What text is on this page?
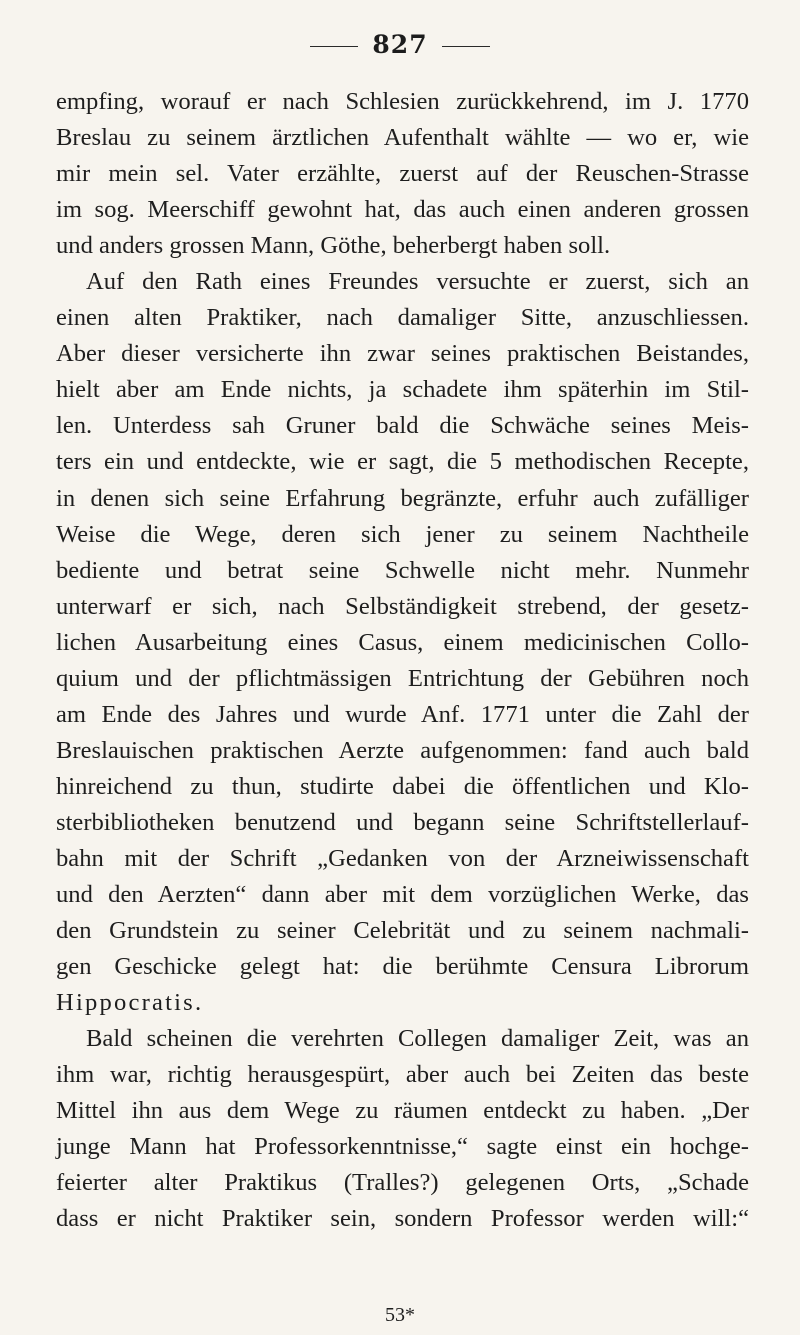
827
empfing, worauf er nach Schlesien zurückkehrend, im J. 1770
Breslau zu seinem ärztlichen Aufenthalt wählte — wo er, wie
mir mein sel. Vater erzählte, zuerst auf der Reuschen-Strasse
im sog. Meerschiff gewohnt hat, das auch einen anderen grossen
und anders grossen Mann, Göthe, beherbergt haben soll.
Auf den Rath eines Freundes versuchte er zuerst, sich an
einen alten Praktiker, nach damaliger Sitte, anzuschliessen.
Aber dieser versicherte ihn zwar seines praktischen Beistandes,
hielt aber am Ende nichts, ja schadete ihm späterhin im Stil-
len. Unterdess sah Gruner bald die Schwäche seines Meis-
ters ein und entdeckte, wie er sagt, die 5 methodischen Recepte,
in denen sich seine Erfahrung begränzte, erfuhr auch zufälliger
Weise die Wege, deren sich jener zu seinem Nachtheile
bediente und betrat seine Schwelle nicht mehr. Nunmehr
unterwarf er sich, nach Selbständigkeit strebend, der gesetz-
lichen Ausarbeitung eines Casus, einem medicinischen Collo-
quium und der pflichtmässigen Entrichtung der Gebühren noch
am Ende des Jahres und wurde Anf. 1771 unter die Zahl der
Breslauischen praktischen Aerzte aufgenommen: fand auch bald
hinreichend zu thun, studirte dabei die öffentlichen und Klo-
sterbibliotheken benutzend und begann seine Schriftstellerlauf-
bahn mit der Schrift „Gedanken von der Arzneiwissenschaft
und den Aerzten“ dann aber mit dem vorzüglichen Werke, das
den Grundstein zu seiner Celebrität und zu seinem nachmali-
gen Geschicke gelegt hat: die berühmte Censura Librorum
Hippocratis.
Bald scheinen die verehrten Collegen damaliger Zeit, was an
ihm war, richtig herausgespürt, aber auch bei Zeiten das beste
Mittel ihn aus dem Wege zu räumen entdeckt zu haben. „Der
junge Mann hat Professorkenntnisse,“ sagte einst ein hochge-
feierter alter Praktikus (Tralles?) gelegenen Orts, „Schade
dass er nicht Praktiker sein, sondern Professor werden will:“
53*
